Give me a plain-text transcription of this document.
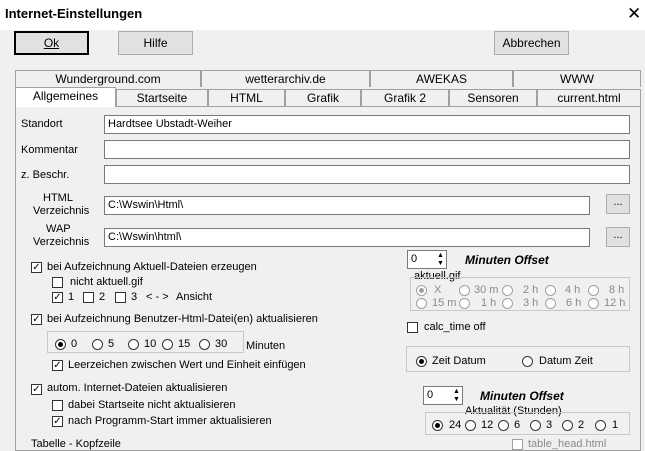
Internet-Einstellungen	✕
Ok	Hilfe	Abbrechen
Wunderground.com	wetterarchiv.de	AWEKAS	WWW
Allgemeines	Startseite	HTML	Grafik	Grafik 2	Sensoren	current.html
Standort	Hardtsee Ubstadt-Weiher
Kommentar
z. Beschr.
HTML
Verzeichnis	C:\Wswin\Html\	...
WAP
Verzeichnis	C:\Wswin\html\	...
✓ bei Aufzeichnung Aktuell-Dateien erzeugen
nicht aktuell.gif
✓ 1 2 3 < - > Ansicht
✓ bei Aufzeichnung Benutzer-Html-Datei(en) aktualisieren
0	5	10 15 30 Minuten
✓ Leerzeichen zwischen Wert und Einheit einfügen
✓ autom. Internet-Dateien aktualisieren
dabei Startseite nicht aktualisieren
✓ nach Programm-Start immer aktualisieren
Tabelle - Kopfzeile
0	▲
▼ Minuten Offset
aktuell.gif
X	30 m 2 h 4 h	8 h
15 m 1 h 3 h	6 h 12 h
calc_time off
Zeit Datum	Datum Zeit
0	▲
▼ Minuten Offset
Aktualität (Stunden)
24 12 6 3 2	1
table_head.html
